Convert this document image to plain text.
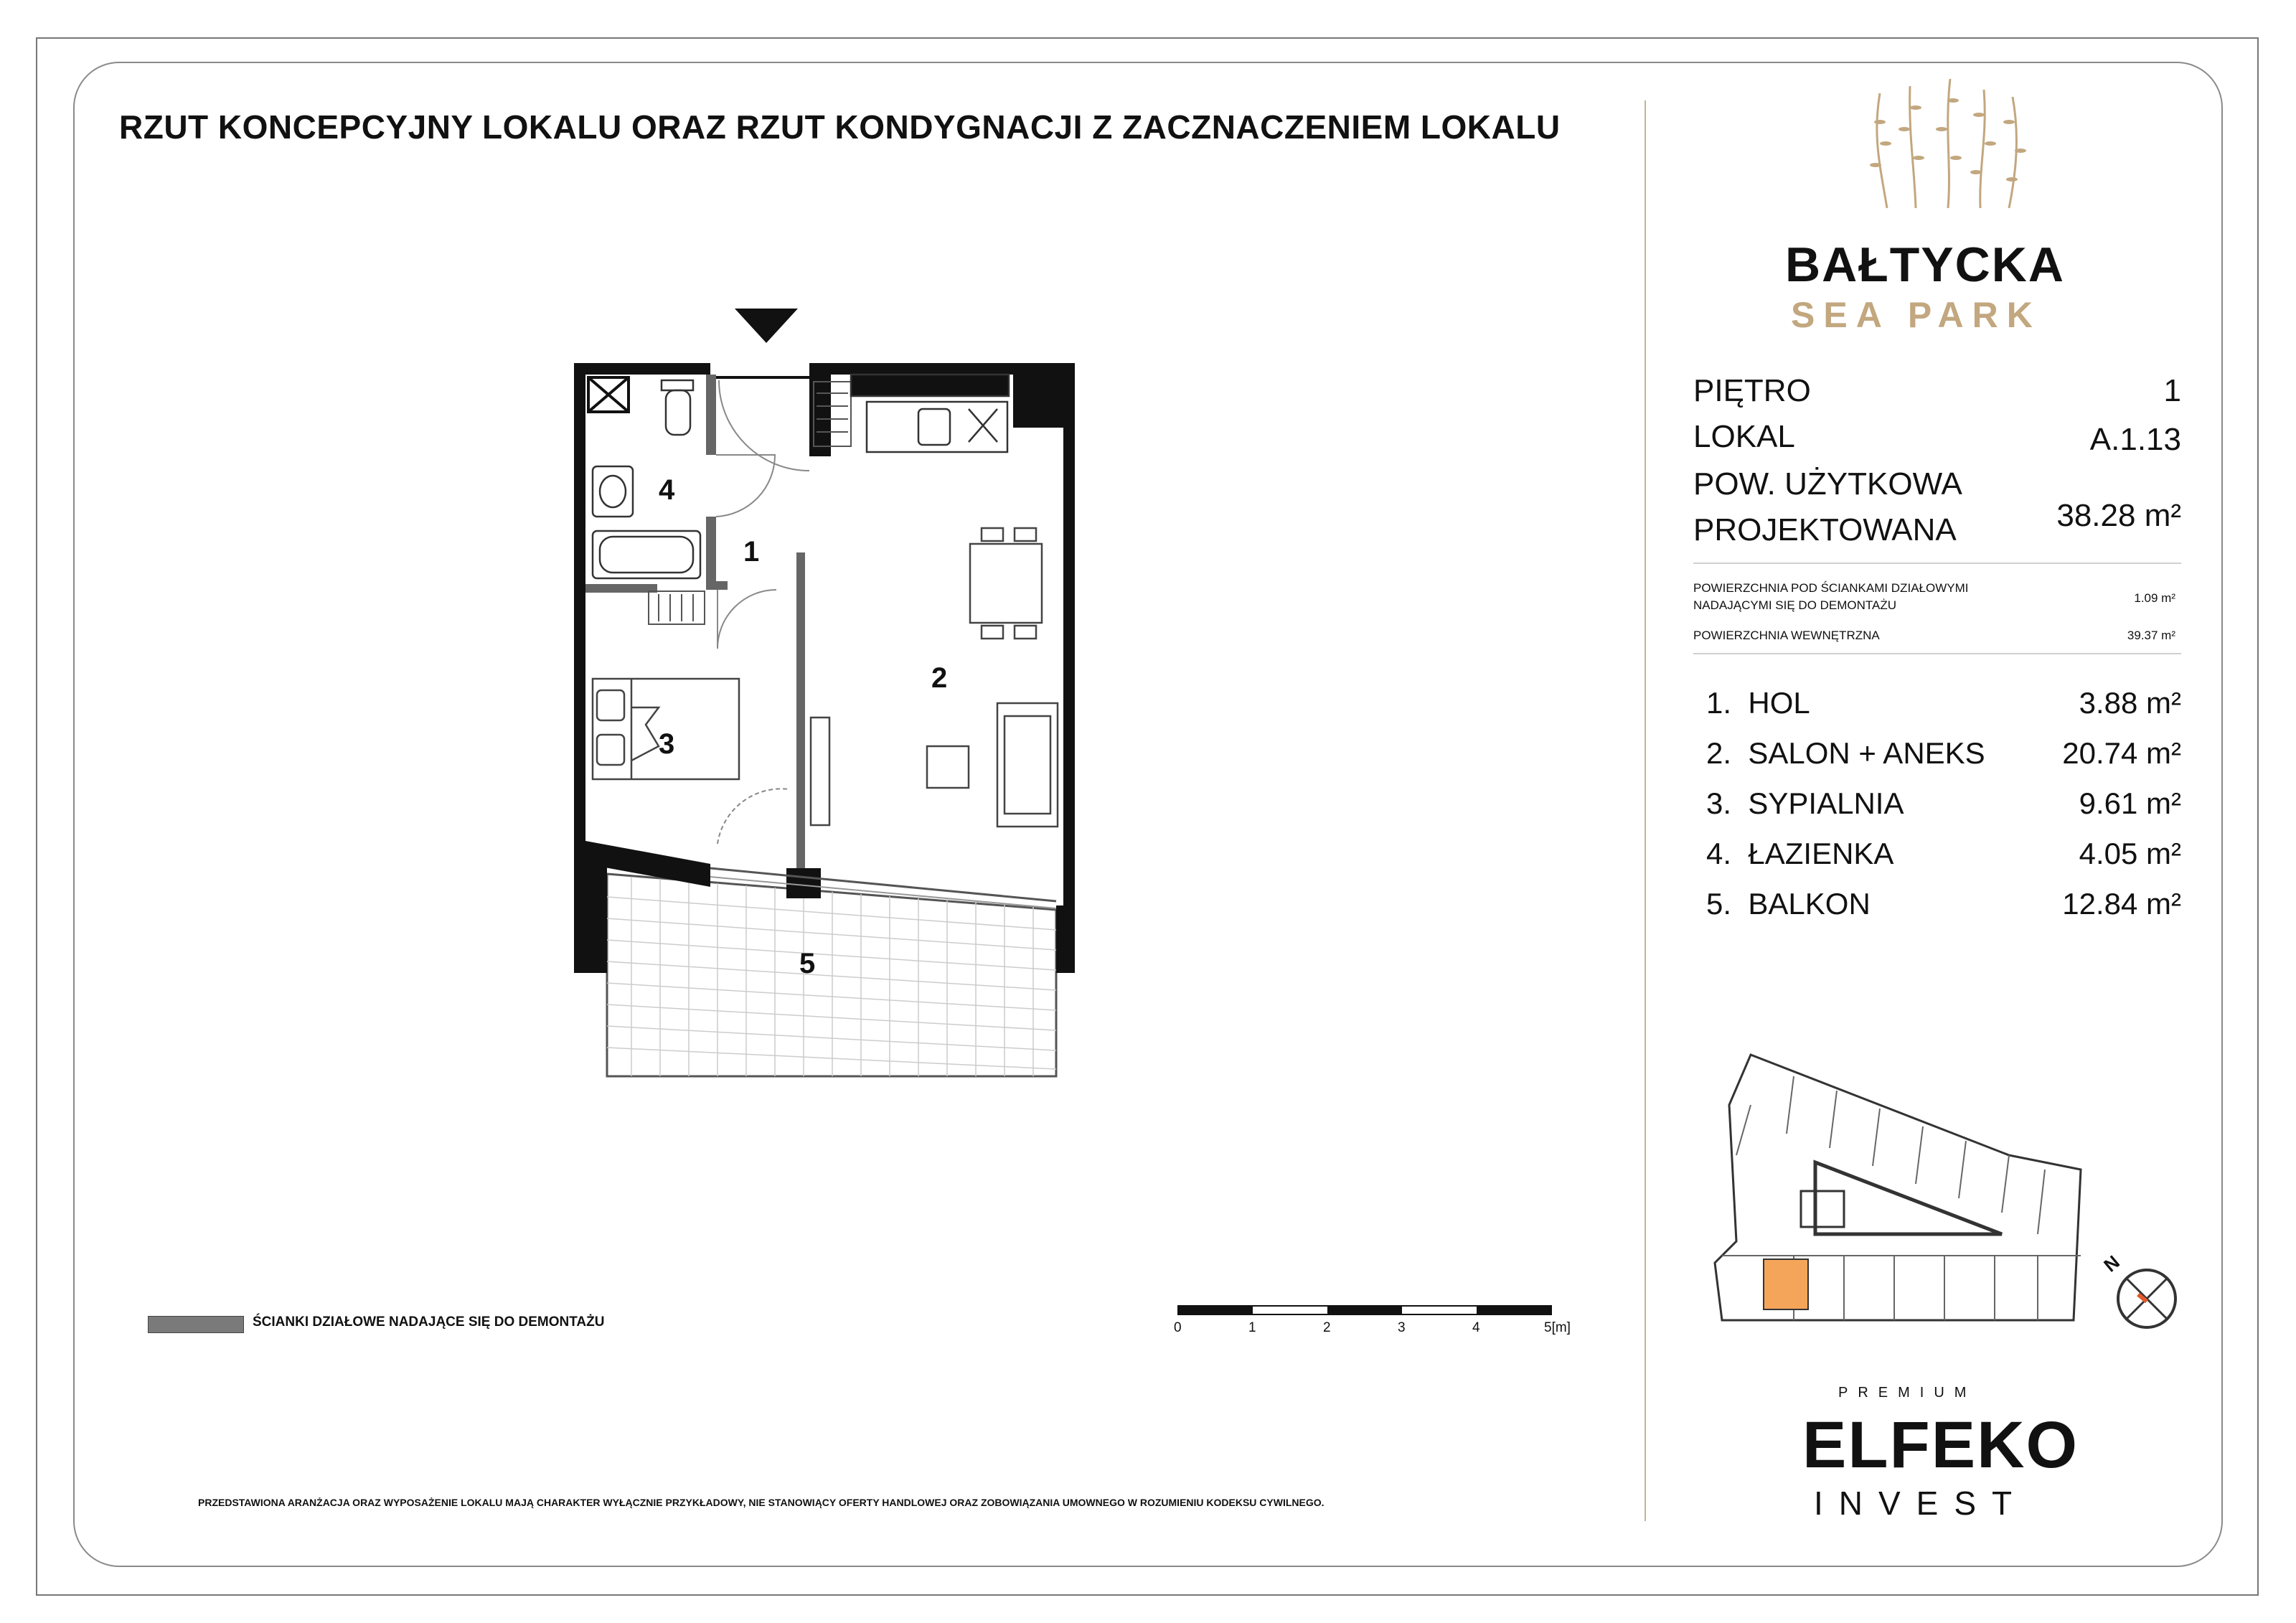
RZUT KONCEPCYJNY LOKALU ORAZ RZUT KONDYGNACJI Z ZACZNACZENIEM LOKALU
4
1
2
3
5
0	1	2	3	4	5[m]
ŚCIANKI DZIAŁOWE NADAJĄCE SIĘ DO DEMONTAŻU
PRZEDSTAWIONA ARANŻACJA ORAZ WYPOSAŻENIE LOKALU MAJĄ CHARAKTER WYŁĄCZNIE PRZYKŁADOWY, NIE STANOWIĄCY OFERTY HANDLOWEJ ORAZ ZOBOWIĄZANIA UMOWNEGO W ROZUMIENIU KODEKSU CYWILNEGO.
BAŁTYCKA
SEA PARK
PIĘTRO	1
LOKAL	A.1.13
POW. UŻYTKOWA
PROJEKTOWANA	38.28 m²
POWIERZCHNIA POD ŚCIANKAMI DZIAŁOWYMI
NADAJĄCYMI SIĘ DO DEMONTAŻU
1.09 m²
POWIERZCHNIA WEWNĘTRZNA	39.37 m²
1. HOL	3.88 m²
2. SALON + ANEKS	20.74 m²
3. SYPIALNIA	9.61 m²
4. ŁAZIENKA	4.05 m²
5. BALKON	12.84 m²
N
PREMIUM
ELFEKO
INVEST
